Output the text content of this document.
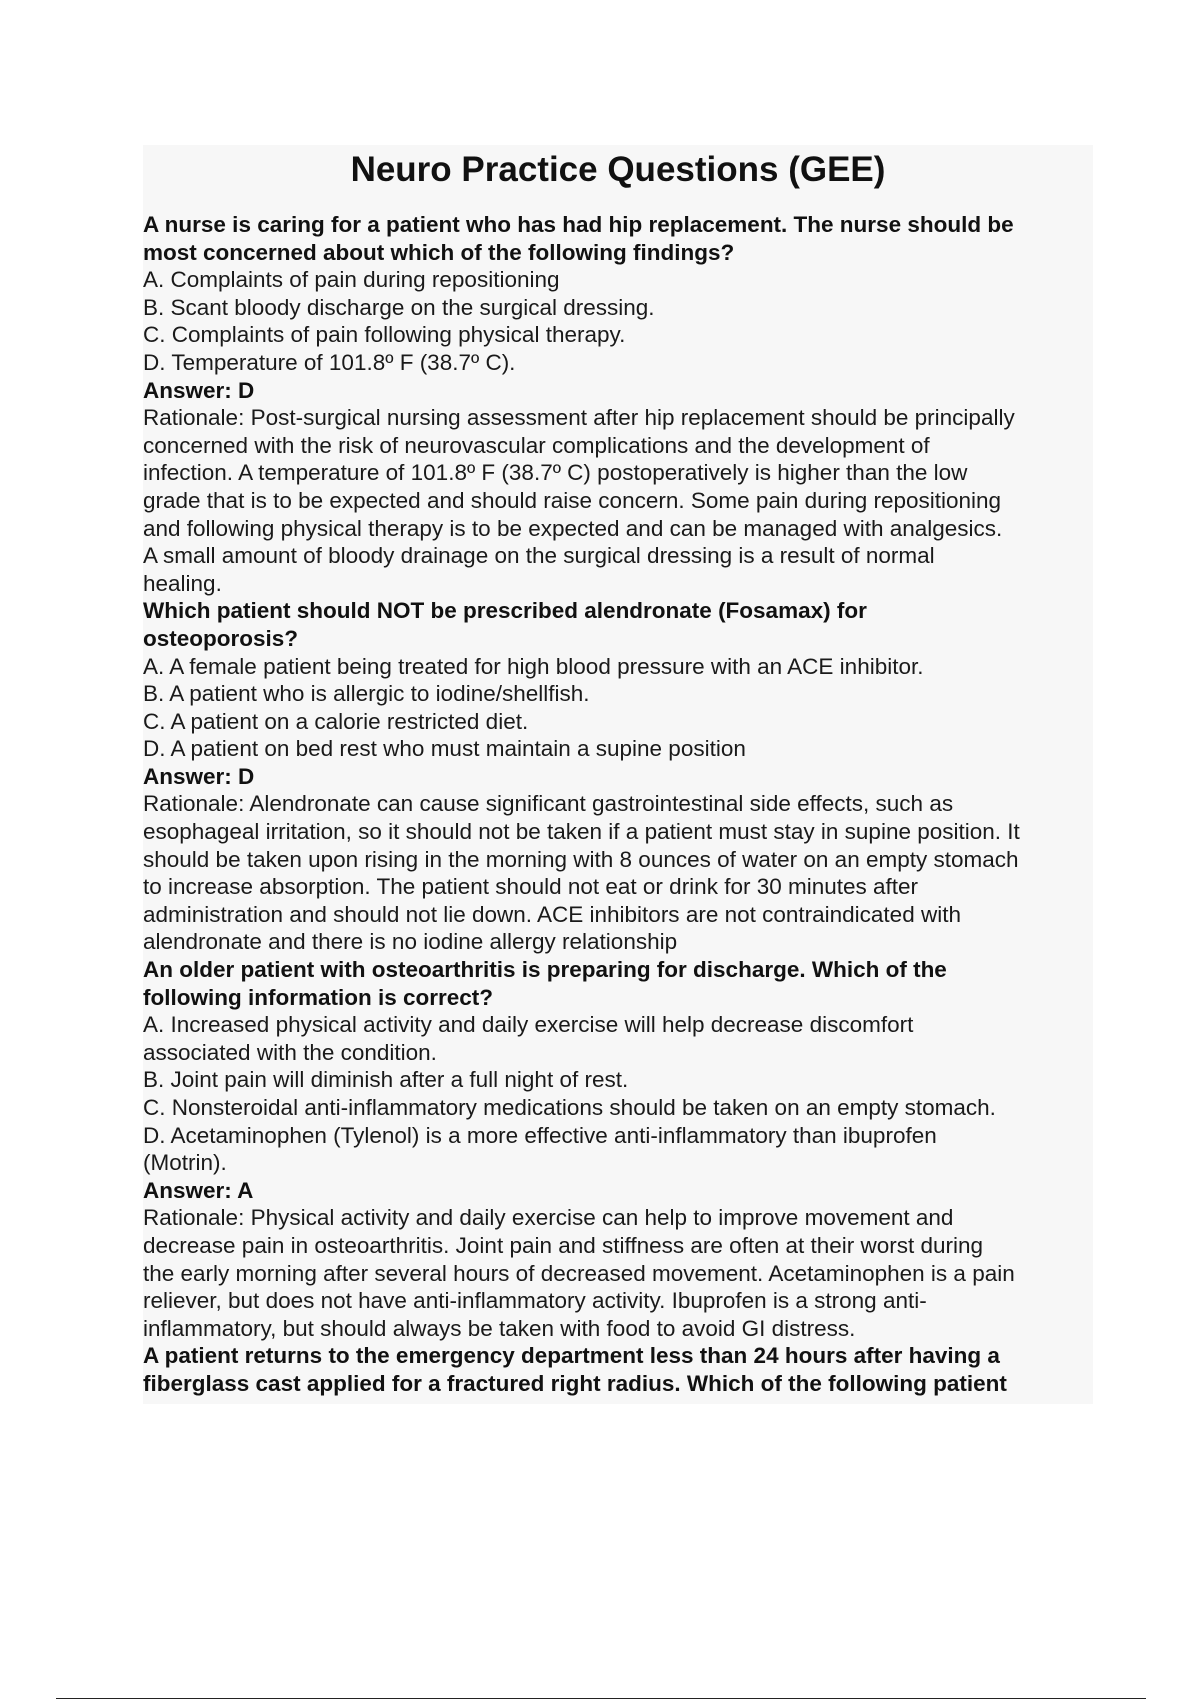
Neuro Practice Questions (GEE)

A nurse is caring for a patient who has had hip replacement. The nurse should be

most concerned about which of the following findings?

A. Complaints of pain during repositioning

B. Scant bloody discharge on the surgical dressing.

C. Complaints of pain following physical therapy.

D. Temperature of 101.8º F (38.7º C).

Answer: D

Rationale: Post-surgical nursing assessment after hip replacement should be principally

concerned with the risk of neurovascular complications and the development of

infection. A temperature of 101.8º F (38.7º C) postoperatively is higher than the low

grade that is to be expected and should raise concern. Some pain during repositioning

and following physical therapy is to be expected and can be managed with analgesics.

A small amount of bloody drainage on the surgical dressing is a result of normal

healing.

Which patient should NOT be prescribed alendronate (Fosamax) for

osteoporosis?

A. A female patient being treated for high blood pressure with an ACE inhibitor.

B. A patient who is allergic to iodine/shellfish.

C. A patient on a calorie restricted diet.

D. A patient on bed rest who must maintain a supine position

Answer: D

Rationale: Alendronate can cause significant gastrointestinal side effects, such as

esophageal irritation, so it should not be taken if a patient must stay in supine position. It

should be taken upon rising in the morning with 8 ounces of water on an empty stomach

to increase absorption. The patient should not eat or drink for 30 minutes after

administration and should not lie down. ACE inhibitors are not contraindicated with

alendronate and there is no iodine allergy relationship

An older patient with osteoarthritis is preparing for discharge. Which of the

following information is correct?

A. Increased physical activity and daily exercise will help decrease discomfort

associated with the condition.

B. Joint pain will diminish after a full night of rest.

C. Nonsteroidal anti-inflammatory medications should be taken on an empty stomach.

D. Acetaminophen (Tylenol) is a more effective anti-inflammatory than ibuprofen

(Motrin).

Answer: A

Rationale: Physical activity and daily exercise can help to improve movement and

decrease pain in osteoarthritis. Joint pain and stiffness are often at their worst during

the early morning after several hours of decreased movement. Acetaminophen is a pain

reliever, but does not have anti-inflammatory activity. Ibuprofen is a strong anti-

inflammatory, but should always be taken with food to avoid GI distress.

A patient returns to the emergency department less than 24 hours after having a

fiberglass cast applied for a fractured right radius. Which of the following patient
